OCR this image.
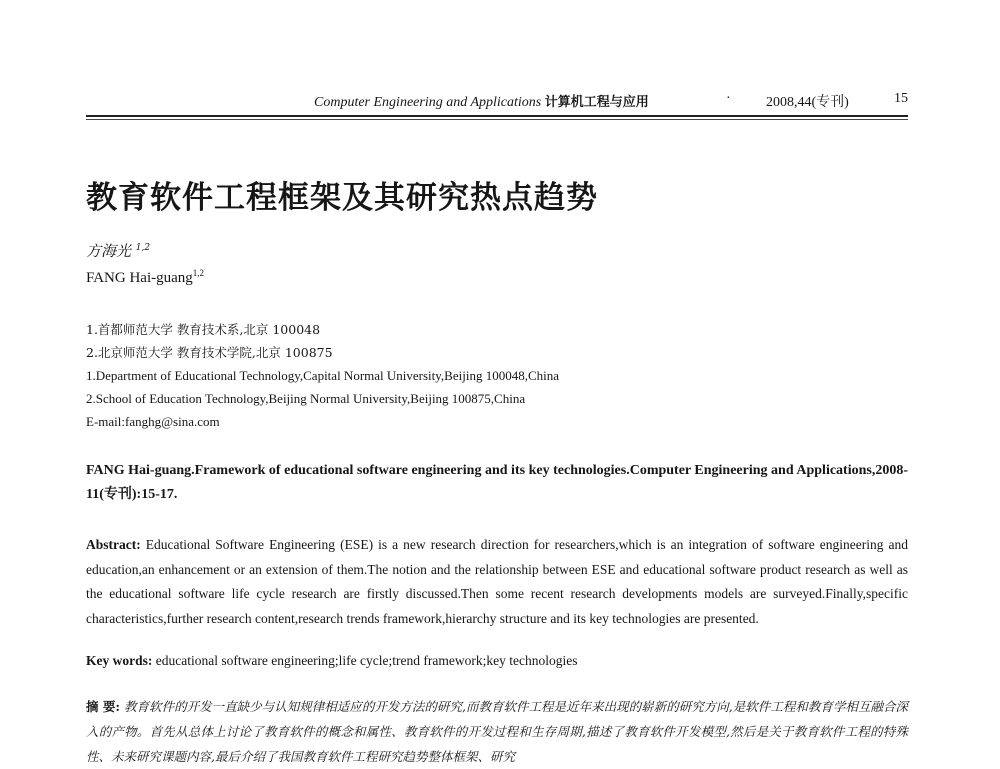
Computer Engineering and Applications 计算机工程与应用	·	2008,44(专刊)	15
教育软件工程框架及其研究热点趋势
方海光 $^{1,2}$
FANG Hai-guang$^{1,2}$
1.首都师范大学 教育技术系,北京 100048
2.北京师范大学 教育技术学院,北京 100875
1.Department of Educational Technology,Capital Normal University,Beijing 100048,China
2.School of Education Technology,Beijing Normal University,Beijing 100875,China
E-mail:fanghg@sina.com
FANG Hai-guang.Framework of educational software engineering and its key technologies.Computer Engineering and Applications,2008-11(专刊):15-17.
Abstract: Educational Software Engineering (ESE) is a new research direction for researchers,which is an integration of software engineering and education,an enhancement or an extension of them.The notion and the relationship between ESE and educational software product research as well as the educational software life cycle research are firstly discussed.Then some recent research developments models are surveyed.Finally,specific characteristics,further research content,research trends framework,hierarchy structure and its key technologies are presented.
Key words: educational software engineering;life cycle;trend framework;key technologies
摘 要: 教育软件的开发一直缺少与认知规律相适应的开发方法的研究,而教育软件工程是近年来出现的崭新的研究方向,是软件工程和教育学相互融合深入的产物。首先从总体上讨论了教育软件的概念和属性、教育软件的开发过程和生存周期,描述了教育软件开发模型,然后是关于教育软件工程的特殊性、未来研究课题内容,最后介绍了我国教育软件工程研究趋势整体框架、研究
